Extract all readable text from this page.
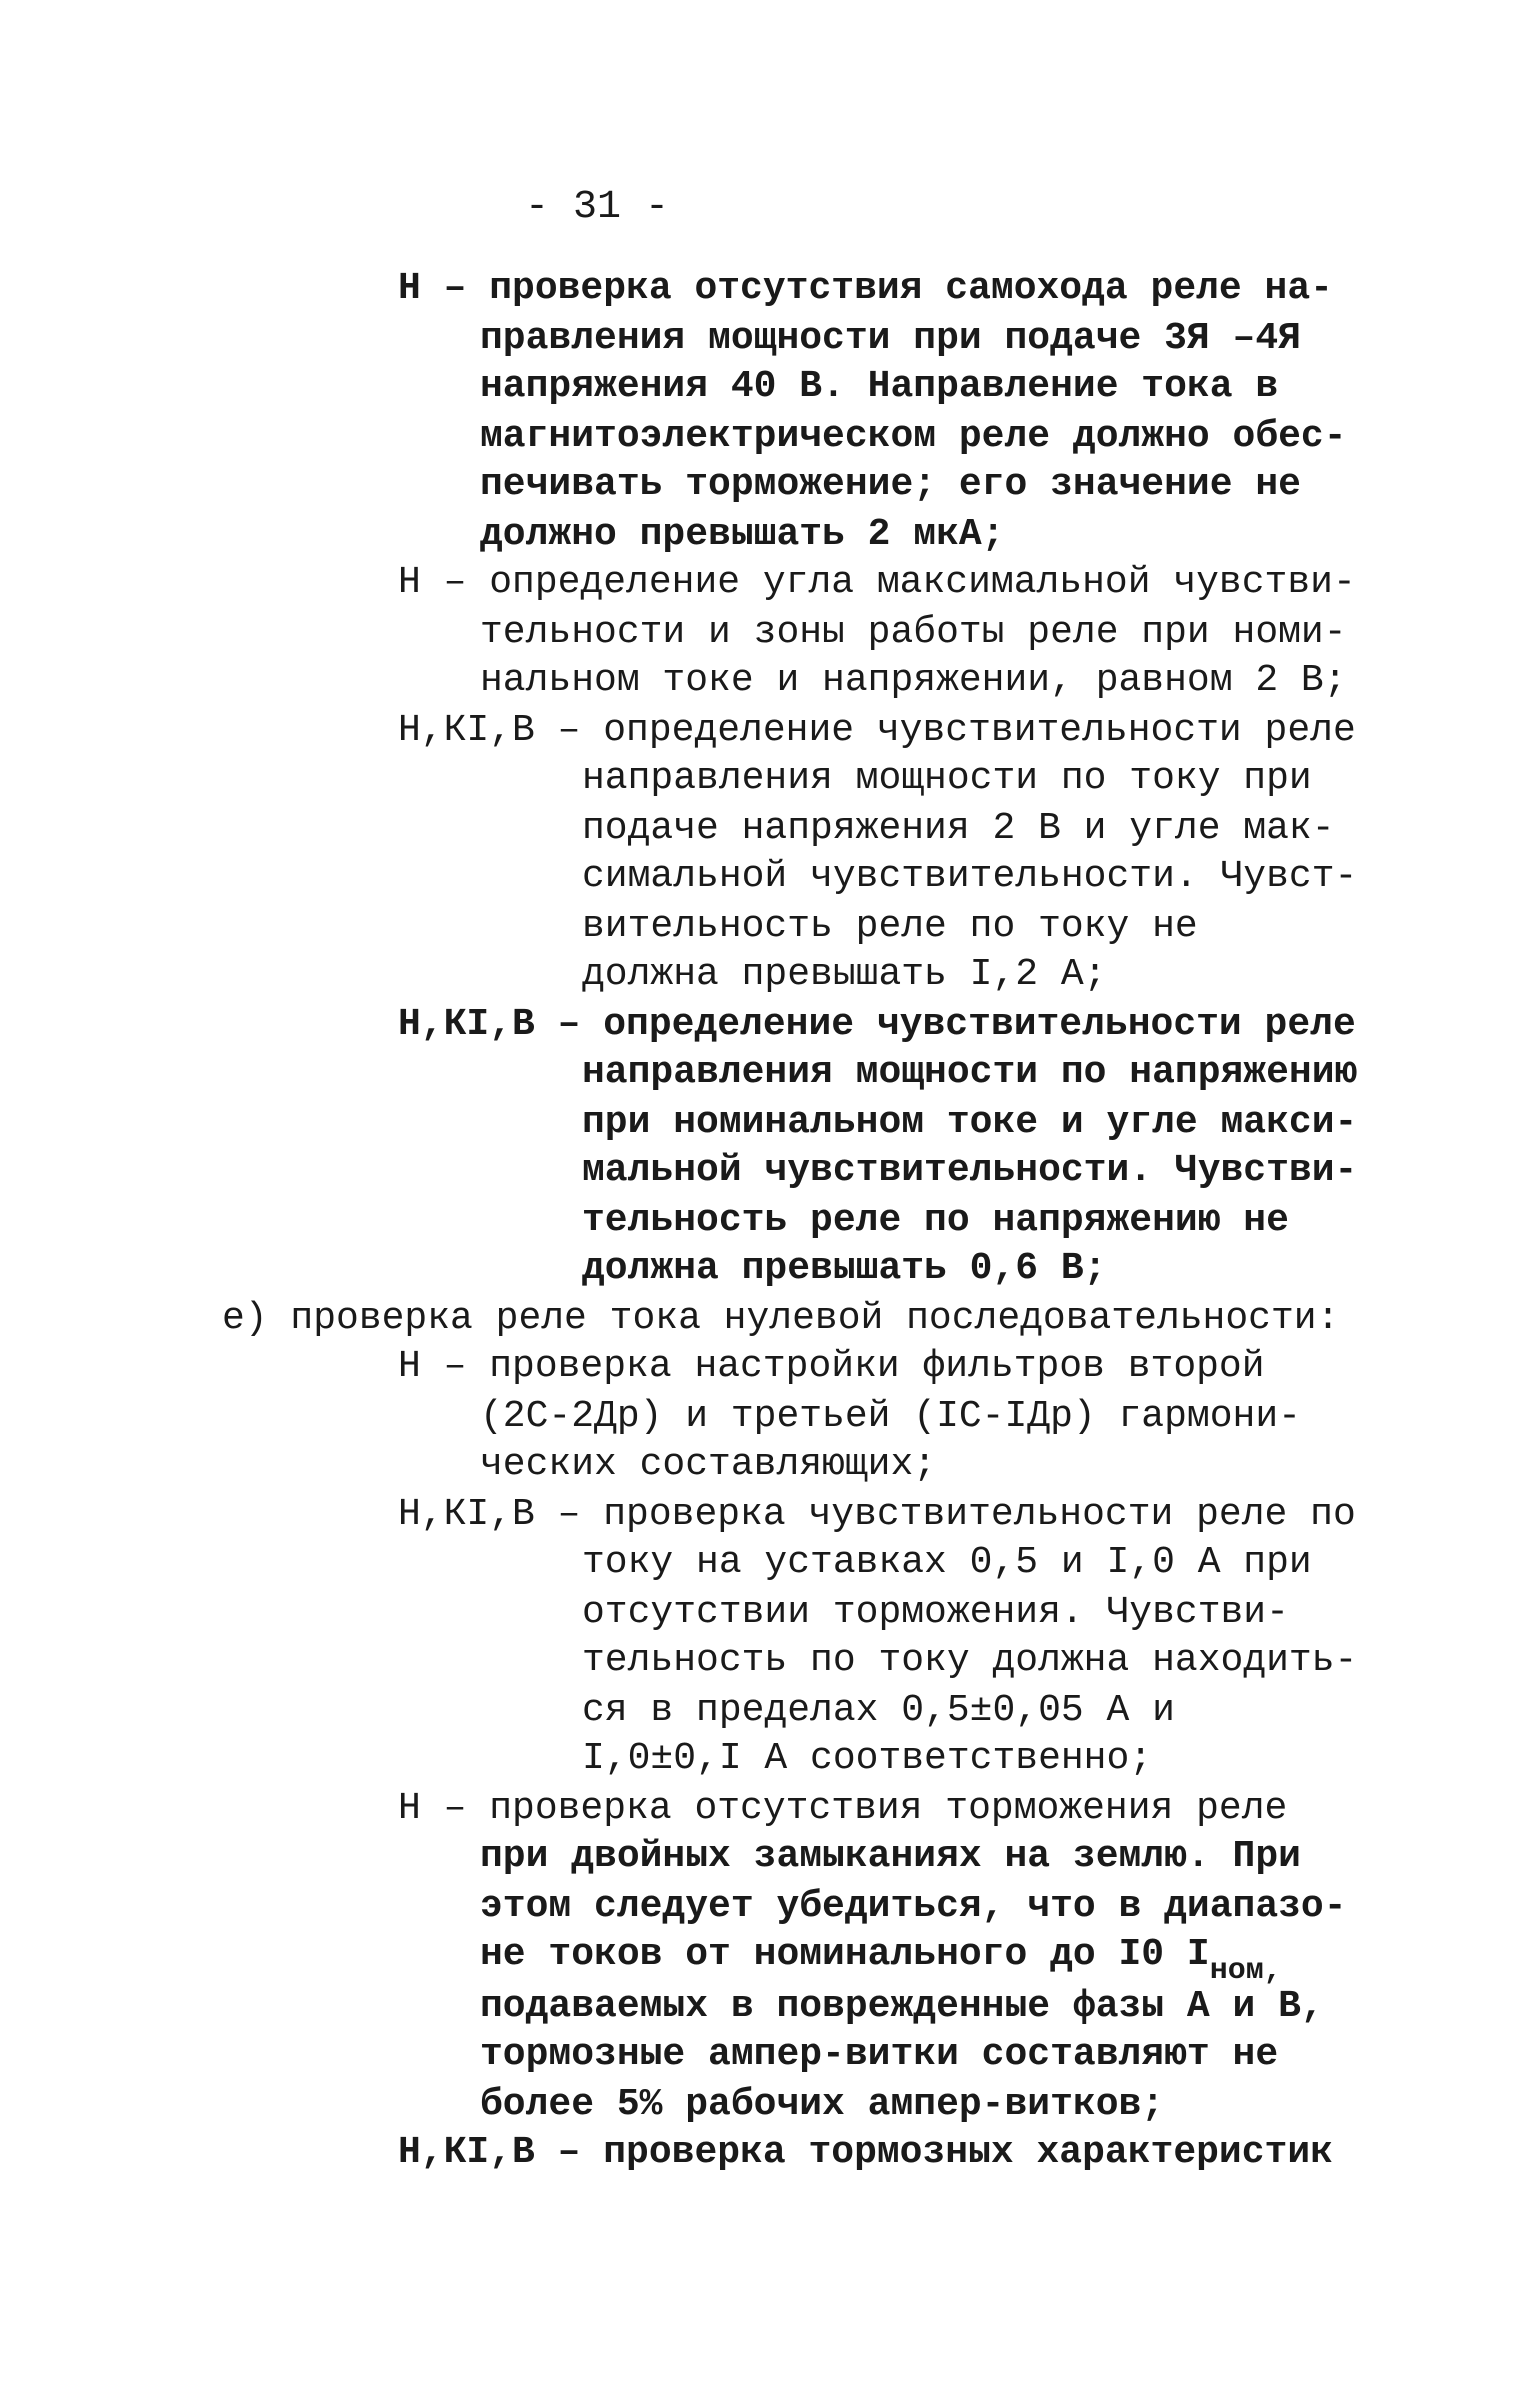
- 31 -
Н – проверка отсутствия самохода реле на-
правления мощности при подаче 3Я –4Я
напряжения 40 В. Направление тока в
магнитоэлектрическом реле должно обес-
печивать торможение; его значение не
должно превышать 2 мкА;
Н – определение угла максимальной чувстви-
тельности и зоны работы реле при номи-
нальном токе и напряжении, равном 2 В;
Н,КI,В – определение чувствительности реле
направления мощности по току при
подаче напряжения 2 В и угле мак-
симальной чувствительности. Чувст-
вительность реле по току не
должна превышать I,2 А;
Н,КI,В – определение чувствительности реле
направления мощности по напряжению
при номинальном токе и угле макси-
мальной чувствительности. Чувстви-
тельность реле по напряжению не
должна превышать 0,6 В;
е) проверка реле тока нулевой последовательности:
Н – проверка настройки фильтров второй
(2С-2Др) и третьей (IС-IДр) гармони-
ческих составляющих;
Н,КI,В – проверка чувствительности реле по
току на уставках 0,5 и I,0 А при
отсутствии торможения. Чувстви-
тельность по току должна находить-
ся в пределах 0,5±0,05 А и
I,0±0,I А соответственно;
Н – проверка отсутствия торможения реле
при двойных замыканиях на землю. При
этом следует убедиться, что в диапазо-
не токов от номинального до I0 $I_{ном,}$
подаваемых в поврежденные фазы А и В,
тормозные ампер-витки составляют не
более 5% рабочих ампер-витков;
Н,КI,В – проверка тормозных характеристик
